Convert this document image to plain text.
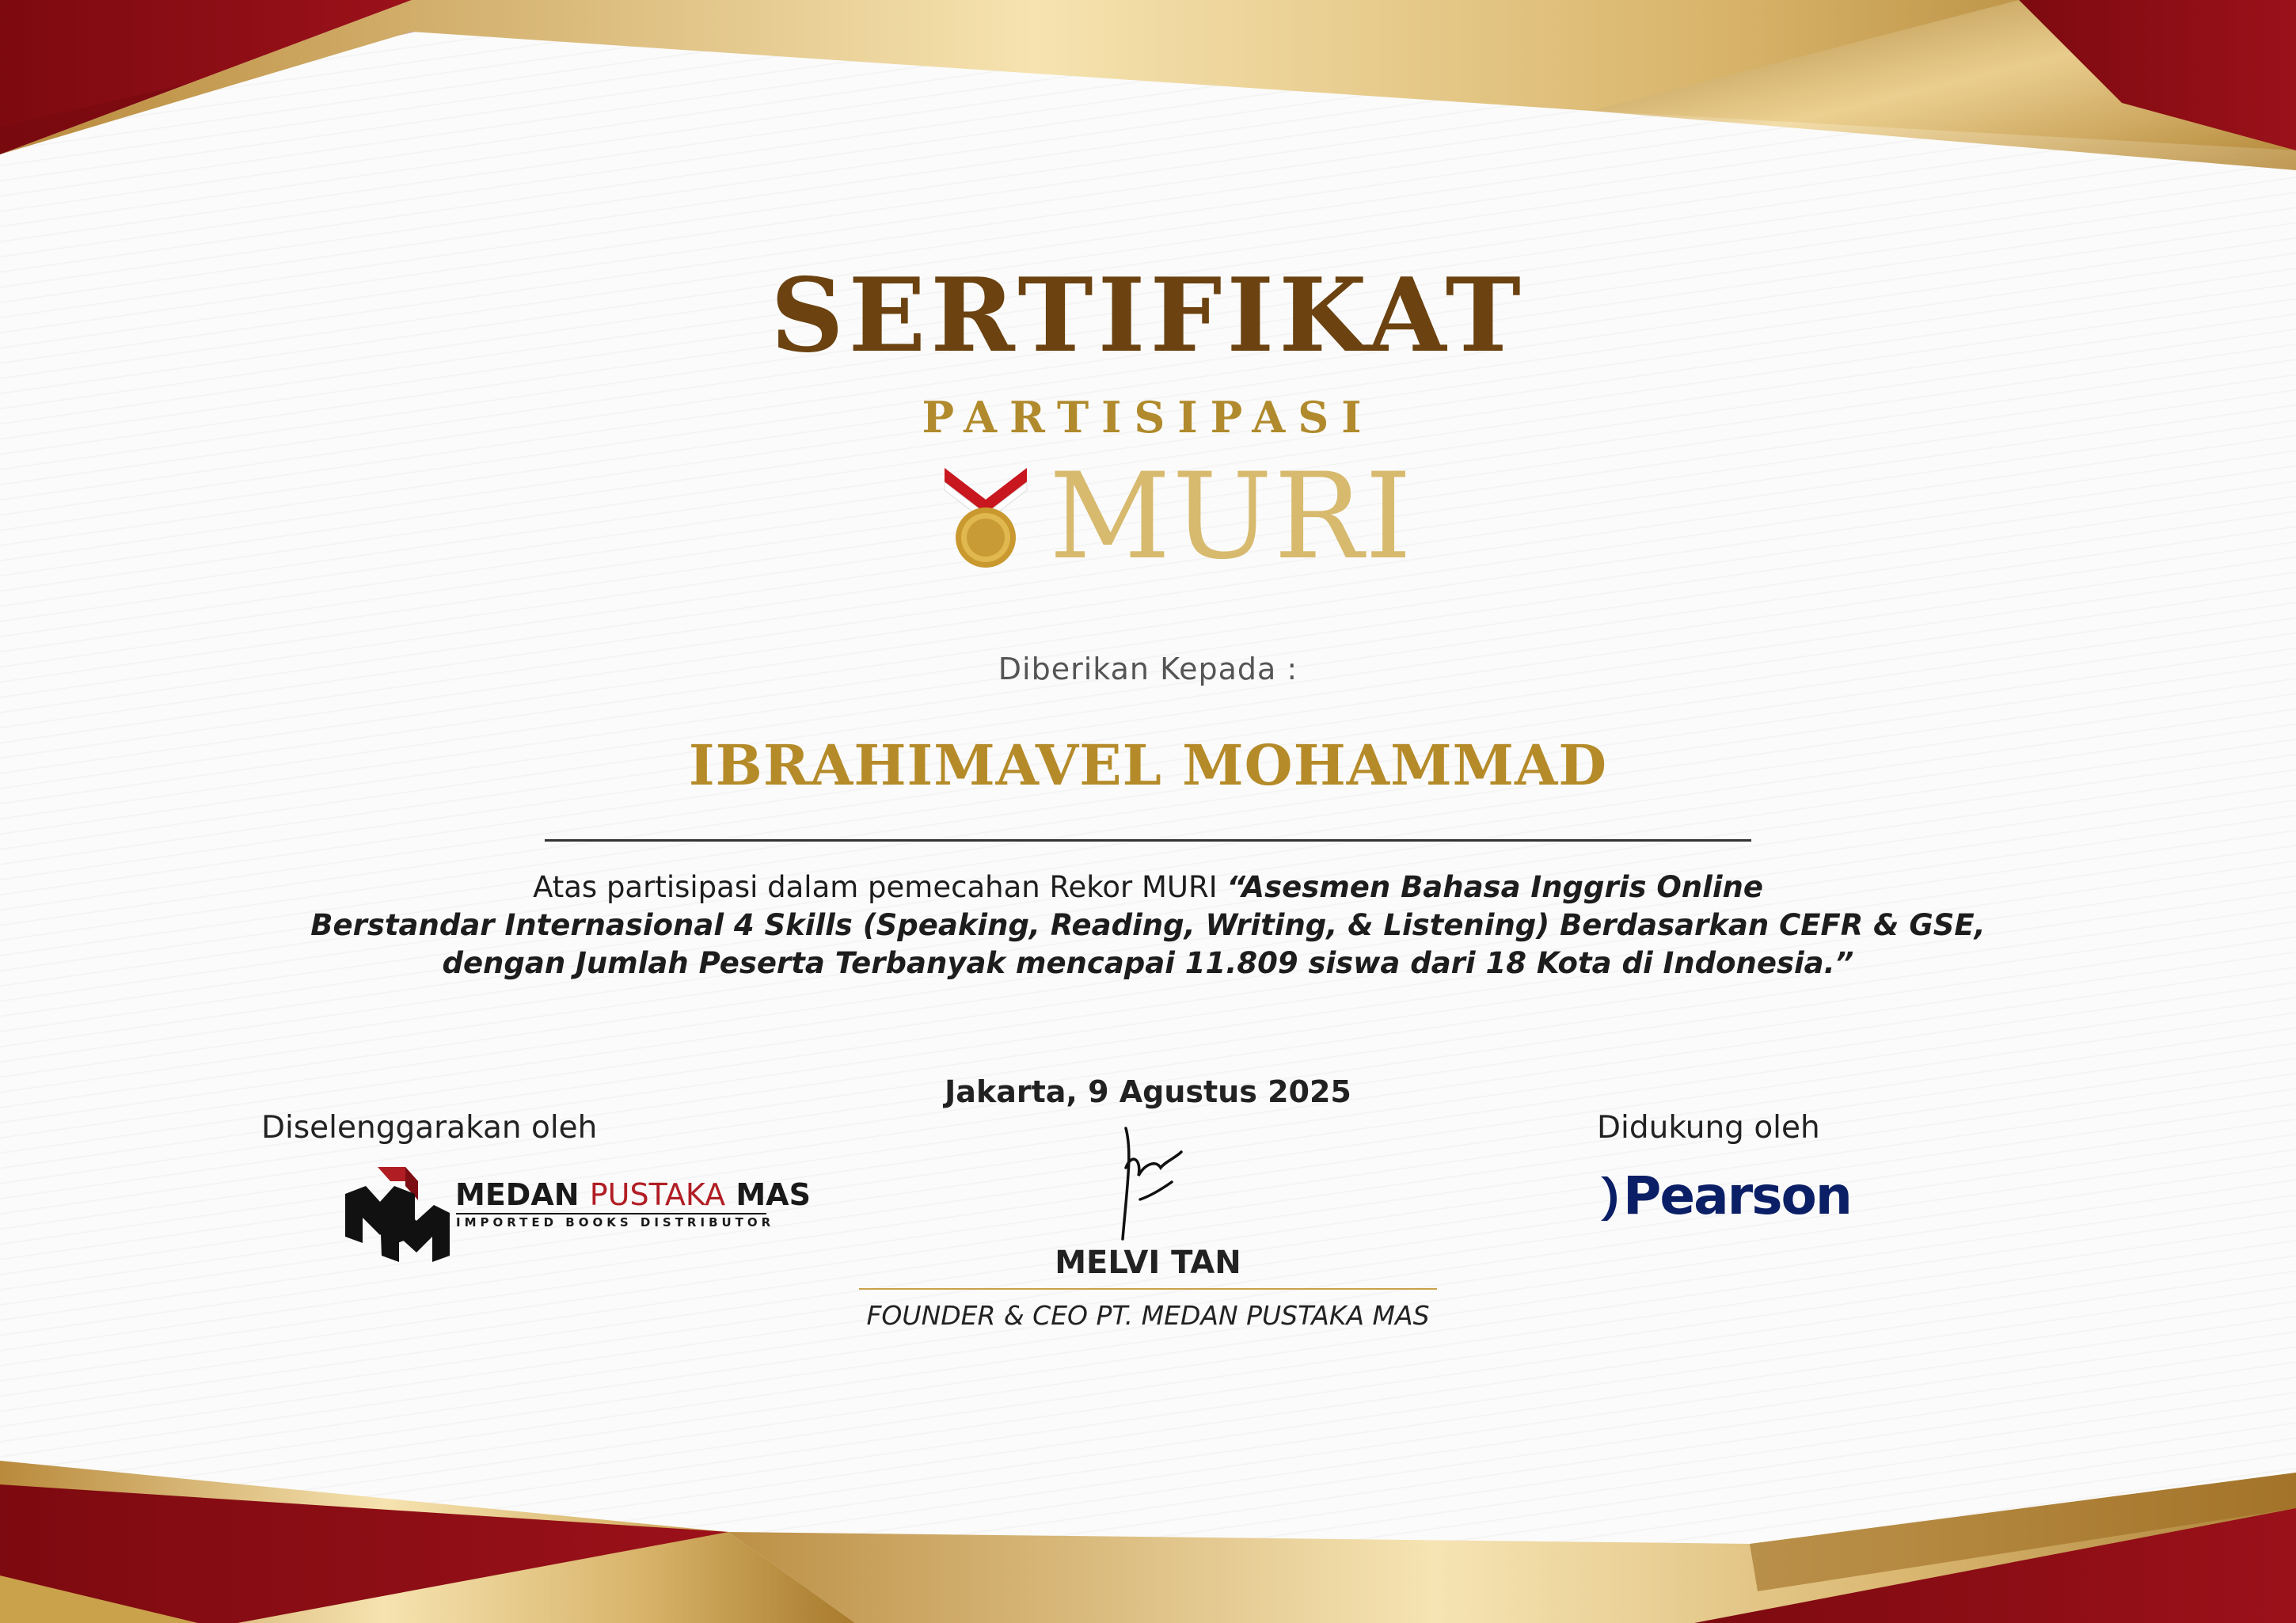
SERTIFIKAT
PARTISIPASI
MURI
Diberikan Kepada :
IBRAHIMAVEL MOHAMMAD
Atas partisipasi dalam pemecahan Rekor MURI “Asesmen Bahasa Inggris Online
Berstandar Internasional 4 Skills (Speaking, Reading, Writing, & Listening) Berdasarkan CEFR & GSE,
dengan Jumlah Peserta Terbanyak mencapai 11.809 siswa dari 18 Kota di Indonesia.”
Jakarta, 9 Agustus 2025
Diselenggarakan oleh
MEDAN PUSTAKA MAS
IMPORTED BOOKS DISTRIBUTOR
MELVI TAN
FOUNDER & CEO PT. MEDAN PUSTAKA MAS
Didukung oleh
Pearson
